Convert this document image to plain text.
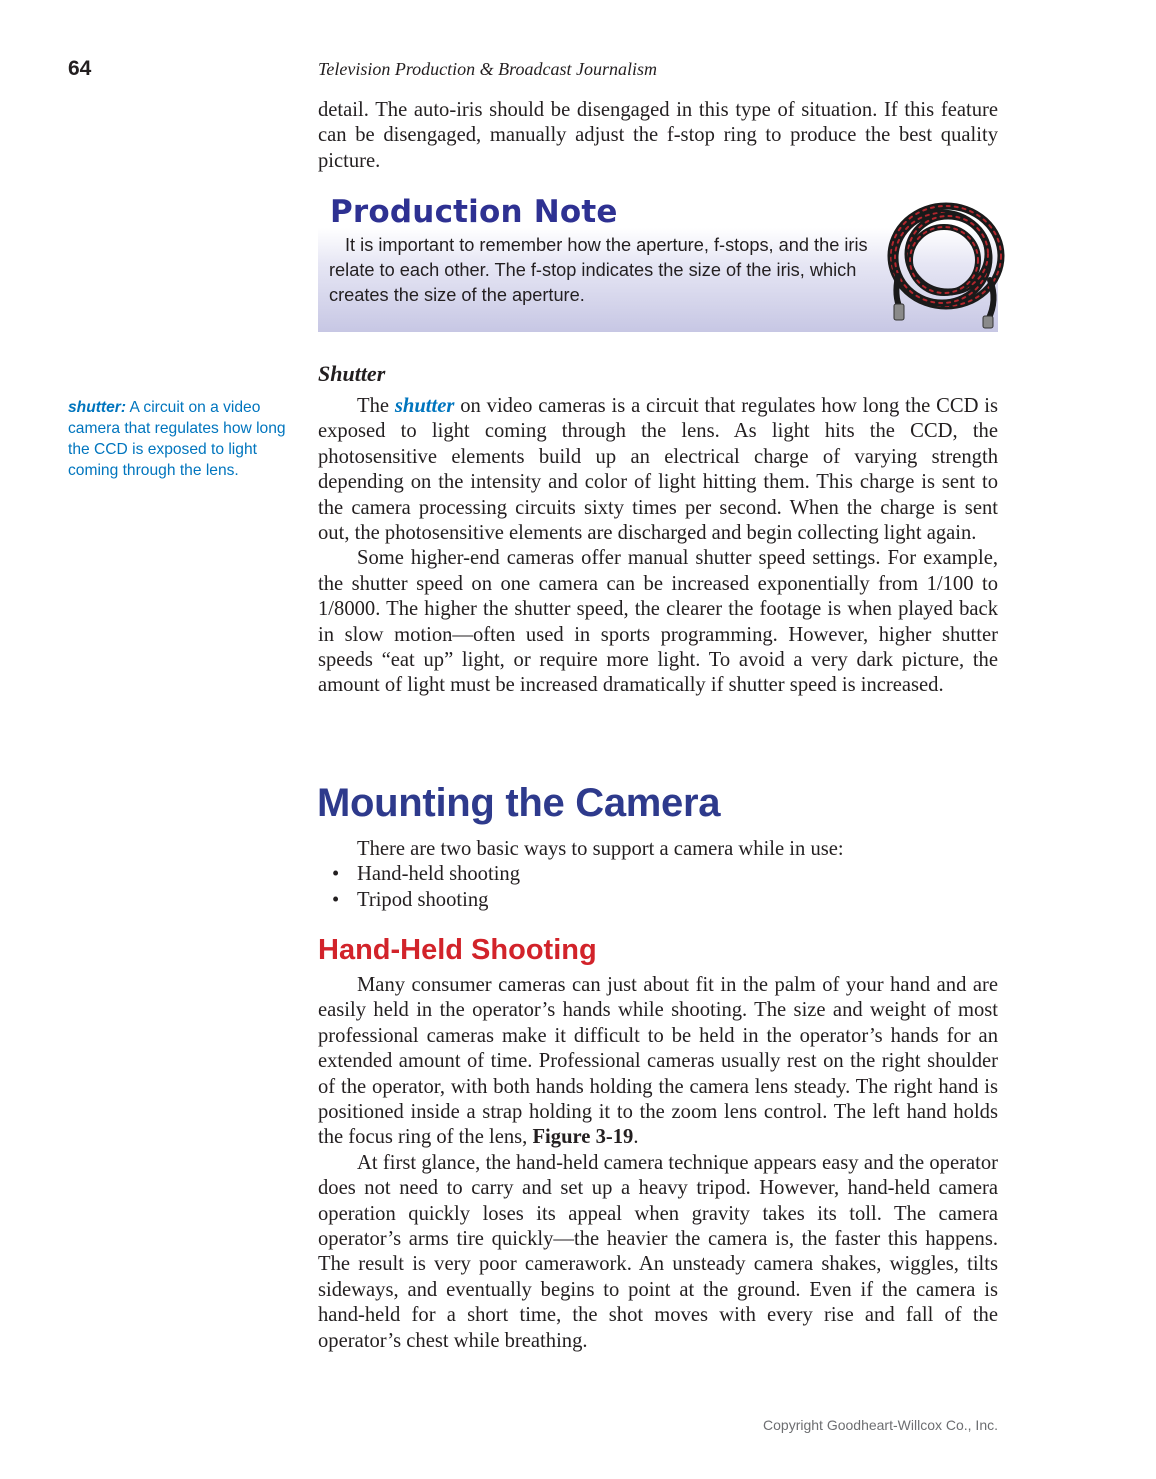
64	Television Production & Broadcast Journalism

detail. The auto-iris should be disengaged in this type of situation. If this feature can be disengaged, manually adjust the f-stop ring to produce the best quality picture.

Production Note
It is important to remember how the aperture, f-stops, and the iris relate to each other. The f-stop indicates the size of the iris, which creates the size of the aperture.
Shutter
shutter: A circuit on a video camera that regulates how long the CCD is exposed to light coming through the lens.

The shutter on video cameras is a circuit that regulates how long the CCD is exposed to light coming through the lens. As light hits the CCD, the photosensitive elements build up an electrical charge of varying strength depending on the intensity and color of light hitting them. This charge is sent to the camera processing circuits sixty times per second. When the charge is sent out, the photosensitive elements are discharged and begin collecting light again.

Some higher-end cameras offer manual shutter speed settings. For example, the shutter speed on one camera can be increased exponentially from 1/100 to 1/8000. The higher the shutter speed, the clearer the footage is when played back in slow motion—often used in sports programming. However, higher shutter speeds “eat up” light, or require more light. To avoid a very dark picture, the amount of light must be increased dramatically if shutter speed is increased.

Mounting the Camera

There are two basic ways to support a camera while in use:

• Hand-held shooting
• Tripod shooting
Hand-Held Shooting

Many consumer cameras can just about fit in the palm of your hand and are easily held in the operator’s hands while shooting. The size and weight of most professional cameras make it difficult to be held in the operator’s hands for an extended amount of time. Professional cameras usually rest on the right shoulder of the operator, with both hands holding the camera lens steady. The right hand is positioned inside a strap holding it to the zoom lens control. The left hand holds the focus ring of the lens, Figure 3-19.

At first glance, the hand-held camera technique appears easy and the operator does not need to carry and set up a heavy tripod. However, hand-held camera operation quickly loses its appeal when gravity takes its toll. The camera operator’s arms tire quickly—the heavier the camera is, the faster this happens. The result is very poor camerawork. An unsteady camera shakes, wiggles, tilts sideways, and eventually begins to point at the ground. Even if the camera is hand-held for a short time, the shot moves with every rise and fall of the operator’s chest while breathing.

Copyright Goodheart-Willcox Co., Inc.
